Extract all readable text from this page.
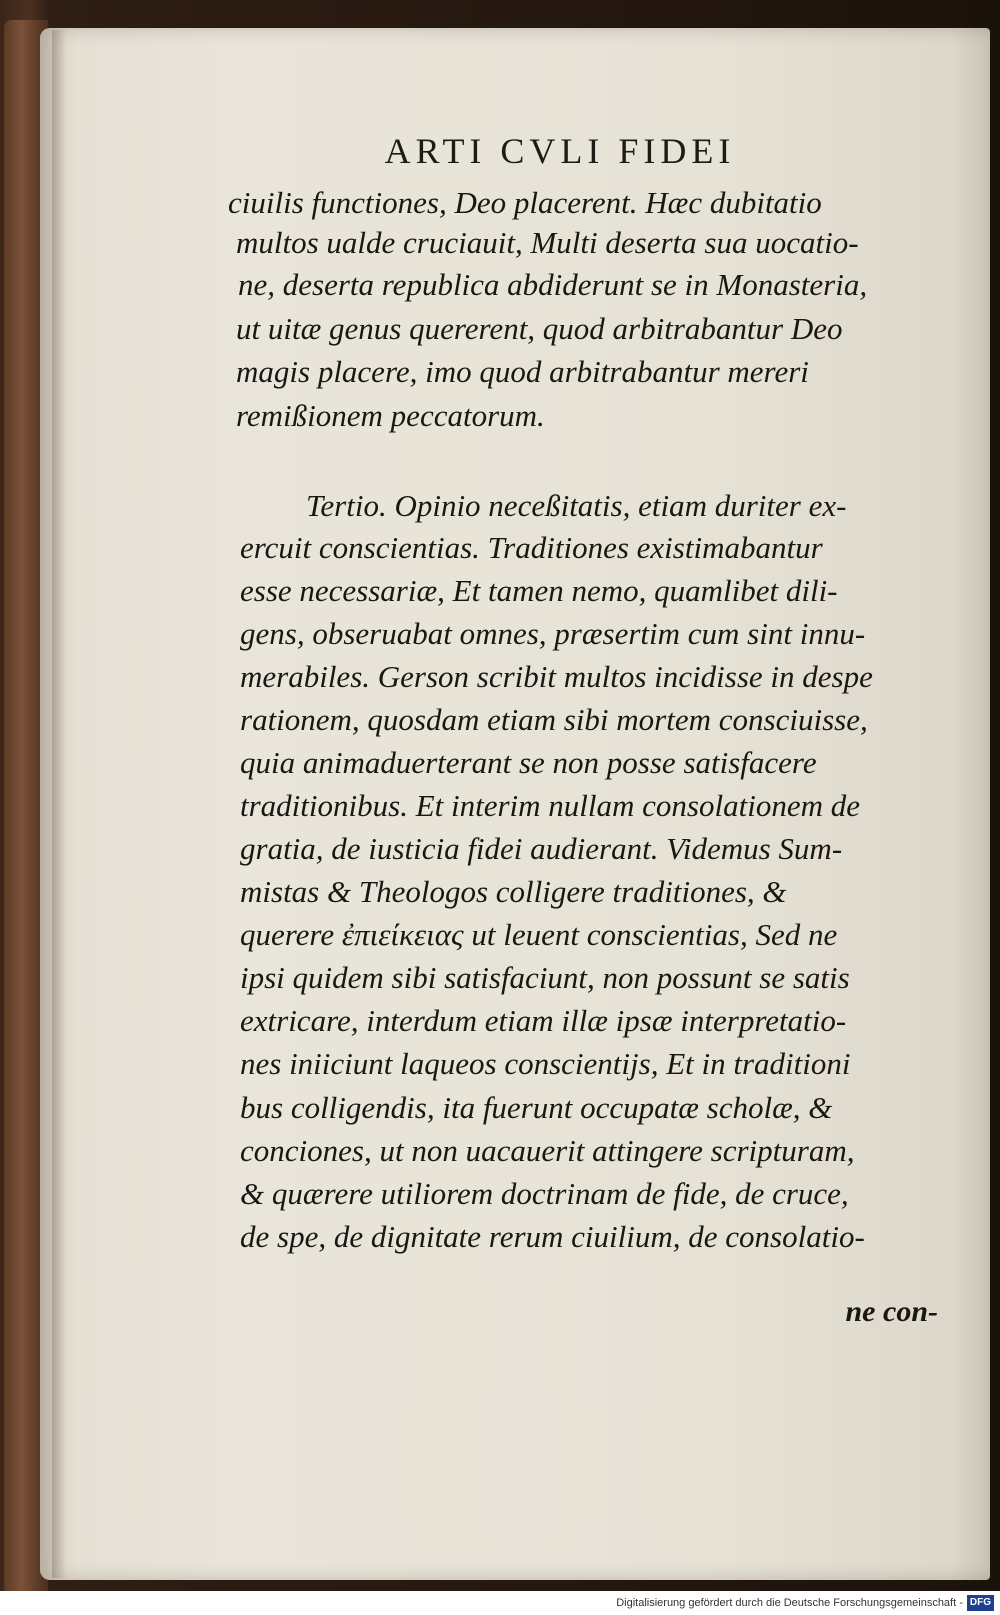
ARTI CVLI FIDEI
ciuilis functiones, Deo placerent. Hæc dubitatio
multos ualde cruciauit, Multi deserta sua uocatio-
ne, deserta republica abdiderunt se in Monasteria,
ut uitæ genus quererent, quod arbitrabantur Deo
magis placere, imo quod arbitrabantur mereri
remißionem peccatorum.
Tertio. Opinio neceßitatis, etiam duriter ex-
ercuit conscientias. Traditiones existimabantur
esse necessariæ, Et tamen nemo, quamlibet dili-
gens, obseruabat omnes, præsertim cum sint innu-
merabiles. Gerson scribit multos incidisse in despe
rationem, quosdam etiam sibi mortem consciuisse,
quia animaduerterant se non posse satisfacere
traditionibus. Et interim nullam consolationem de
gratia, de iusticia fidei audierant. Videmus Sum-
mistas & Theologos colligere traditiones, &
querere ἐπιείκειας ut leuent conscientias, Sed ne
ipsi quidem sibi satisfaciunt, non possunt se satis
extricare, interdum etiam illæ ipsæ interpretatio-
nes iniiciunt laqueos conscientijs, Et in traditioni
bus colligendis, ita fuerunt occupatæ scholæ, &
conciones, ut non uacauerit attingere scripturam,
& quærere utiliorem doctrinam de fide, de cruce,
de spe, de dignitate rerum ciuilium, de consolatio-
ne con-
Digitalisierung gefördert durch die Deutsche Forschungsgemeinschaft - DFG
